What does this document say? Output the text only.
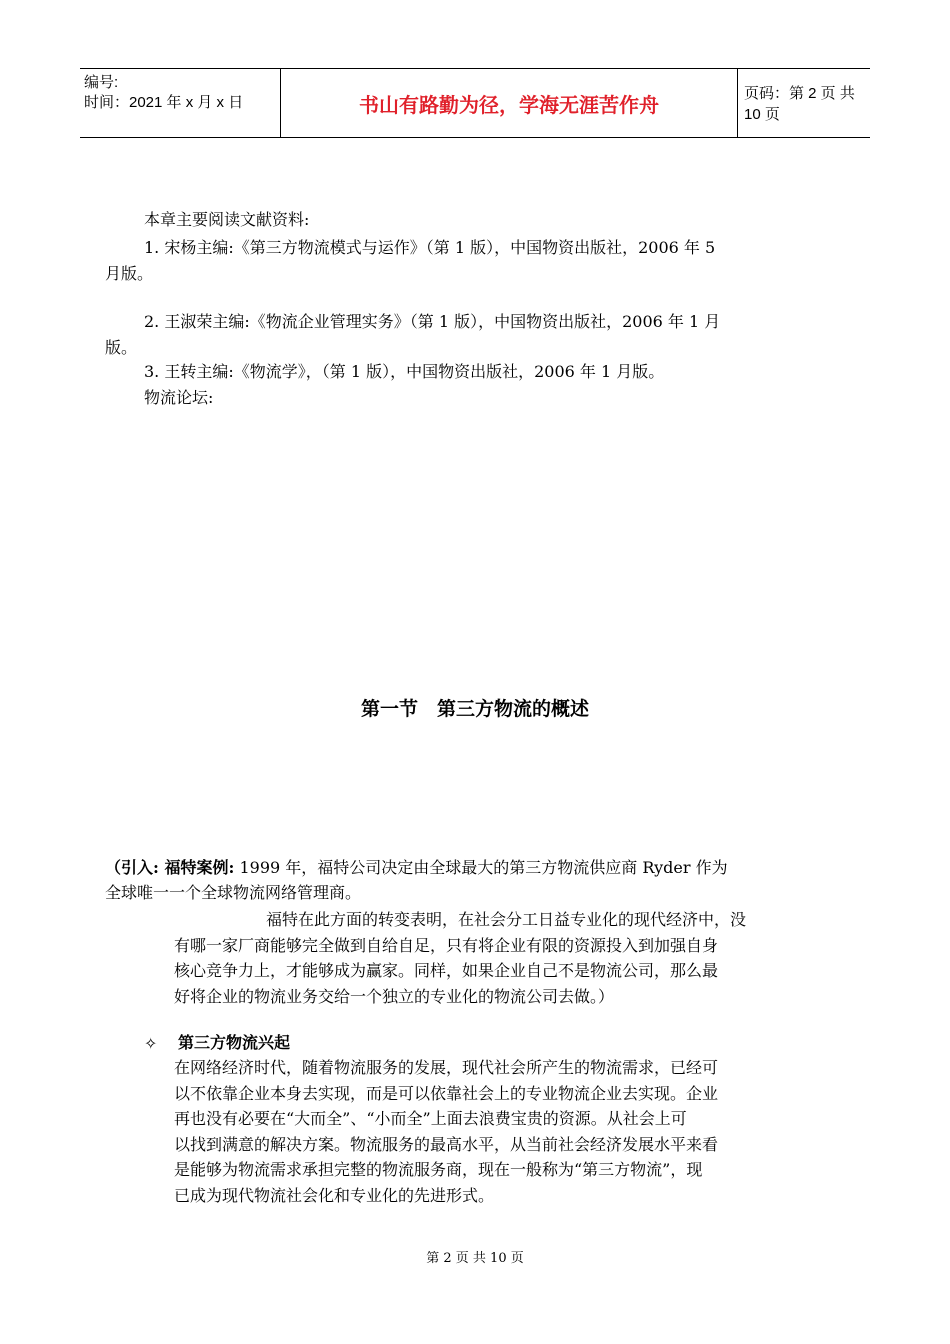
编号:
时间：2021 年 x 月 x 日	书山有路勤为径，学海无涯苦作舟
页码：第 2 页 共 10 页
本章主要阅读文献资料:
1. 宋杨主编:《第三方物流模式与运作》（第 1 版），中国物资出版社，2006 年 5
月版。
2. 王淑荣主编:《物流企业管理实务》（第 1 版），中国物资出版社，2006 年 1 月
版。
3. 王转主编:《物流学》，（第 1 版），中国物资出版社，2006 年 1 月版。
物流论坛:
第一节　第三方物流的概述
（引入: 福特案例: 1999 年，福特公司决定由全球最大的第三方物流供应商 Ryder 作为
全球唯一一个全球物流网络管理商。
福特在此方面的转变表明，在社会分工日益专业化的现代经济中，没
有哪一家厂商能够完全做到自给自足，只有将企业有限的资源投入到加强自身
核心竞争力上，才能够成为赢家。同样，如果企业自己不是物流公司，那么最
好将企业的物流业务交给一个独立的专业化的物流公司去做。）
✧ 第三方物流兴起
在网络经济时代，随着物流服务的发展，现代社会所产生的物流需求，已经可
以不依靠企业本身去实现，而是可以依靠社会上的专业物流企业去实现。企业
再也没有必要在“大而全”、“小而全”上面去浪费宝贵的资源。从社会上可
以找到满意的解决方案。物流服务的最高水平，从当前社会经济发展水平来看
是能够为物流需求承担完整的物流服务商，现在一般称为“第三方物流”，现
已成为现代物流社会化和专业化的先进形式。
第 2 页 共 10 页
